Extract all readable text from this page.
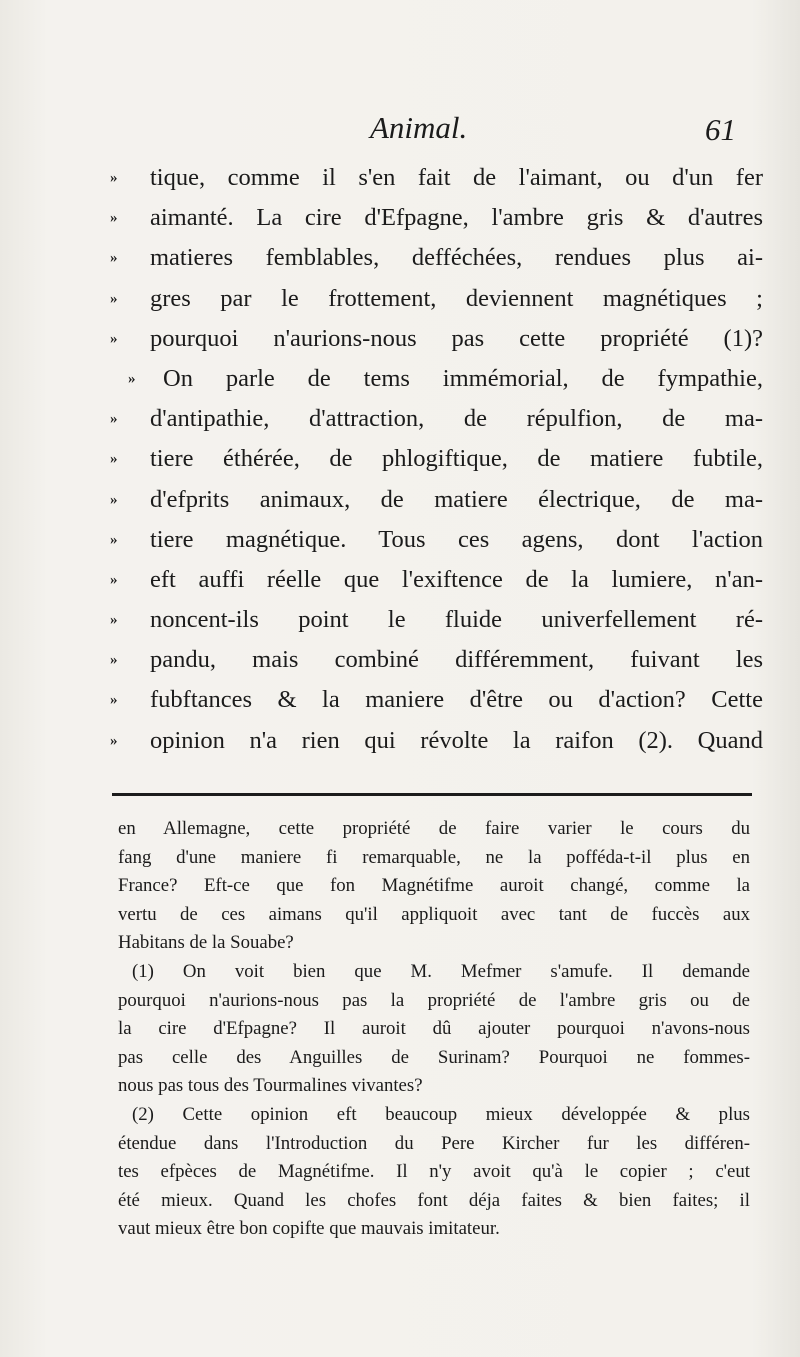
Animal.	61
» tique, comme il s'en fait de l'aimant, ou d'un fer
» aimanté. La cire d'Efpagne, l'ambre gris & d'autres
» matieres femblables, defféchées, rendues plus ai-
» gres par le frottement, deviennent magnétiques ;
» pourquoi n'aurions-nous pas cette propriété (1)?
» On parle de tems immémorial, de fympathie,
» d'antipathie, d'attraction, de répulfion, de ma-
» tiere éthérée, de phlogiftique, de matiere fubtile,
» d'efprits animaux, de matiere électrique, de ma-
» tiere magnétique. Tous ces agens, dont l'action
» eft auffi réelle que l'exiftence de la lumiere, n'an-
» noncent-ils point le fluide univerfellement ré-
» pandu, mais combiné différemment, fuivant les
» fubftances & la maniere d'être ou d'action? Cette
» opinion n'a rien qui révolte la raifon (2). Quand
en Allemagne, cette propriété de faire varier le cours du
fang d'une maniere fi remarquable, ne la poffédа-t-il plus en
France? Eft-ce que fon Magnétifme auroit changé, comme la
vertu de ces aimans qu'il appliquoit avec tant de fuccès aux
Habitans de la Souabe?
(1) On voit bien que M. Mefmer s'amufe. Il demande
pourquoi n'aurions-nous pas la propriété de l'ambre gris ou de
la cire d'Efpagne? Il auroit dû ajouter pourquoi n'avons-nous
pas celle des Anguilles de Surinam? Pourquoi ne fommes-
nous pas tous des Tourmalines vivantes?
(2) Cette opinion eft beaucoup mieux développée & plus
étendue dans l'Introduction du Pere Kircher fur les différen-
tes efpèces de Magnétifme. Il n'y avoit qu'à le copier ; c'eut
été mieux. Quand les chofes font déja faites & bien faites; il
vaut mieux être bon copifte que mauvais imitateur.
